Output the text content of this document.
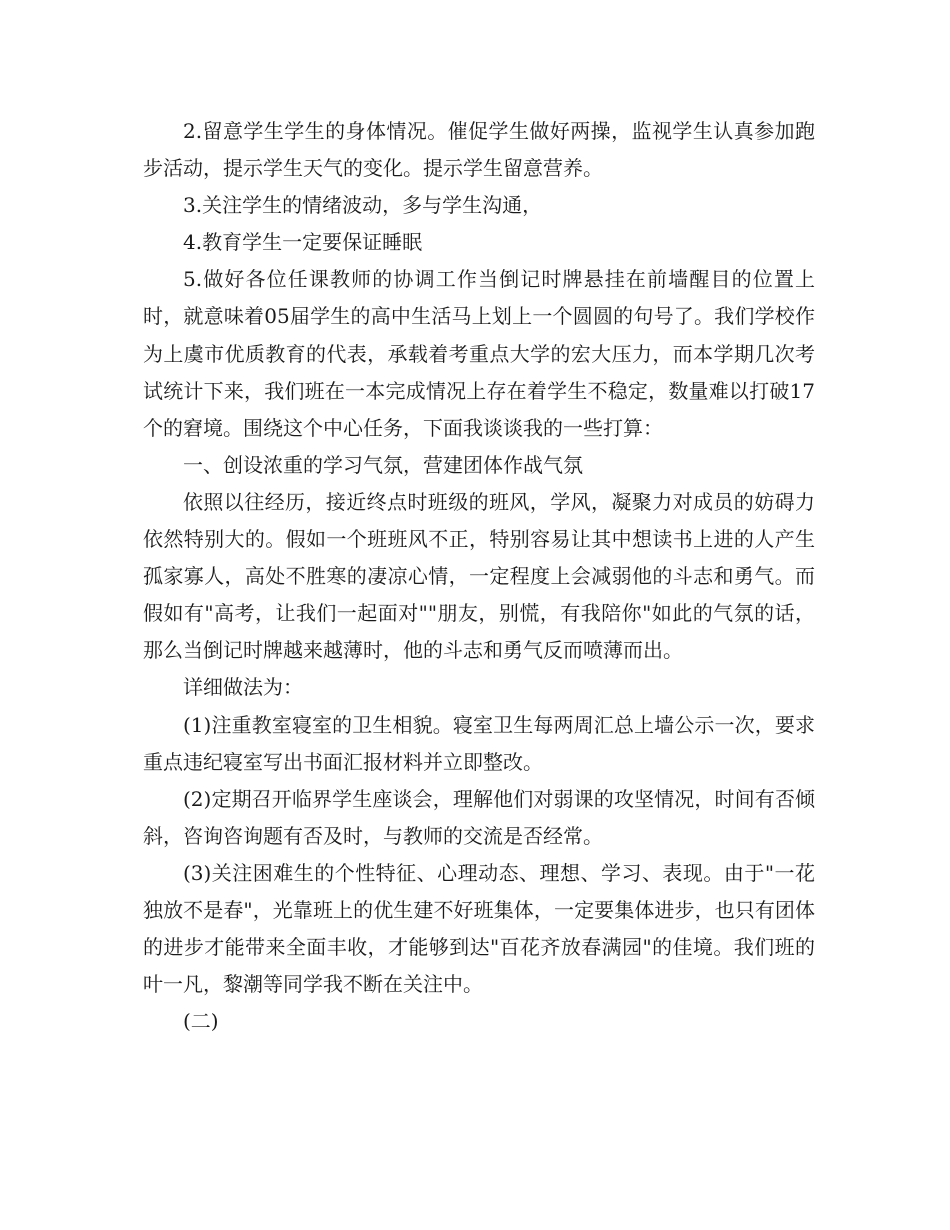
2.留意学生学生的身体情况。催促学生做好两操，监视学生认真参加跑步活动，提示学生天气的变化。提示学生留意营养。

3.关注学生的情绪波动，多与学生沟通，

4.教育学生一定要保证睡眠

5.做好各位任课教师的协调工作当倒记时牌悬挂在前墙醒目的位置上时，就意味着05届学生的高中生活马上划上一个圆圆的句号了。我们学校作为上虞市优质教育的代表，承载着考重点大学的宏大压力，而本学期几次考试统计下来，我们班在一本完成情况上存在着学生不稳定，数量难以打破17个的窘境。围绕这个中心任务，下面我谈谈我的一些打算：

一、创设浓重的学习气氛，营建团体作战气氛

依照以往经历，接近终点时班级的班风，学风，凝聚力对成员的妨碍力依然特别大的。假如一个班班风不正，特别容易让其中想读书上进的人产生孤家寡人，高处不胜寒的凄凉心情，一定程度上会减弱他的斗志和勇气。而假如有"高考，让我们一起面对""朋友，别慌，有我陪你"如此的气氛的话，那么当倒记时牌越来越薄时，他的斗志和勇气反而喷薄而出。

详细做法为：

(1)注重教室寝室的卫生相貌。寝室卫生每两周汇总上墙公示一次，要求重点违纪寝室写出书面汇报材料并立即整改。

(2)定期召开临界学生座谈会，理解他们对弱课的攻坚情况，时间有否倾斜，咨询咨询题有否及时，与教师的交流是否经常。

(3)关注困难生的个性特征、心理动态、理想、学习、表现。由于"一花独放不是春"，光靠班上的优生建不好班集体，一定要集体进步，也只有团体的进步才能带来全面丰收，才能够到达"百花齐放春满园"的佳境。我们班的叶一凡，黎潮等同学我不断在关注中。

(二)
